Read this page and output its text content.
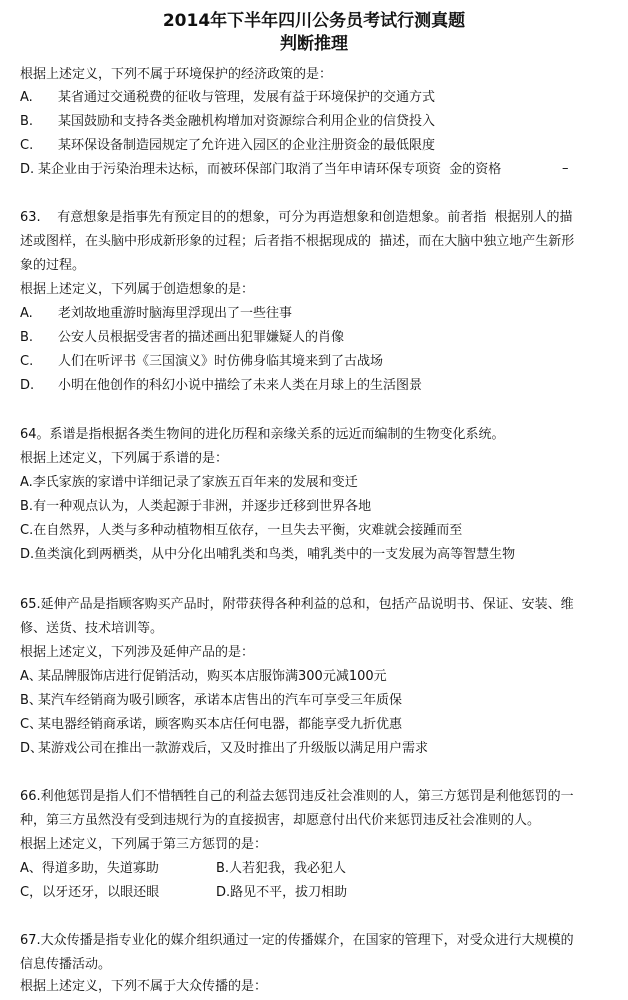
2014年下半年四川公务员考试行测真题
判断推理
根据上述定义，下列不属于环境保护的经济政策的是：
A. 某省通过交通税费的征收与管理，发展有益于环境保护的交通方式
B. 某国鼓励和支持各类金融机构增加对资源综合利用企业的信贷投入
C. 某环保设备制造园规定了允许进入园区的企业注册资金的最低限度
D. 某企业由于污染治理未达标，而被环保部门取消了当年申请环保专项资  金的资格	–
63.    有意想象是指事先有预定目的的想象，可分为再造想象和创造想象。前者指  根据别人的描
述或图样，在头脑中形成新形象的过程；后者指不根据现成的  描述，而在大脑中独立地产生新形
象的过程。
根据上述定义，下列属于创造想象的是：
A. 老刘故地重游时脑海里浮现出了一些往事
B. 公安人员根据受害者的描述画出犯罪嫌疑人的肖像
C. 人们在听评书《三国演义》时仿佛身临其境来到了古战场
D. 小明在他创作的科幻小说中描绘了未来人类在月球上的生活图景
64。系谱是指根据各类生物间的进化历程和亲缘关系的远近而编制的生物变化系统。
根据上述定义，下列属于系谱的是：
A.李氏家族的家谱中详细记录了家族五百年来的发展和变迁
B.有一种观点认为，人类起源于非洲，并逐步迁移到世界各地
C.在自然界，人类与多种动植物相互依存，一旦失去平衡，灾难就会接踵而至
D.鱼类演化到两栖类，从中分化出哺乳类和鸟类，哺乳类中的一支发展为高等智慧生物
65.延伸产品是指顾客购买产品时，附带获得各种利益的总和，包括产品说明书、保证、安装、维
修、送货、技术培训等。
根据上述定义，下列涉及延伸产品的是：
A、某品牌服饰店进行促销活动，购买本店服饰满300元减100元
B、某汽车经销商为吸引顾客，承诺本店售出的汽车可享受三年质保
C、某电器经销商承诺，顾客购买本店任何电器，都能享受九折优惠
D、某游戏公司在推出一款游戏后，又及时推出了升级版以满足用户需求
66.利他惩罚是指人们不惜牺牲自己的利益去惩罚违反社会准则的人，第三方惩罚是利他惩罚的一
种，第三方虽然没有受到违规行为的直接损害，却愿意付出代价来惩罚违反社会准则的人。
根据上述定义，下列属于第三方惩罚的是：
A、得道多助，失道寡助	B.人若犯我，我必犯人
C，以牙还牙，以眼还眼	D.路见不平，拔刀相助
67.大众传播是指专业化的媒介组织通过一定的传播媒介，在国家的管理下，对受众进行大规模的
信息传播活动。
根据上述定义，下列不属于大众传播的是：
